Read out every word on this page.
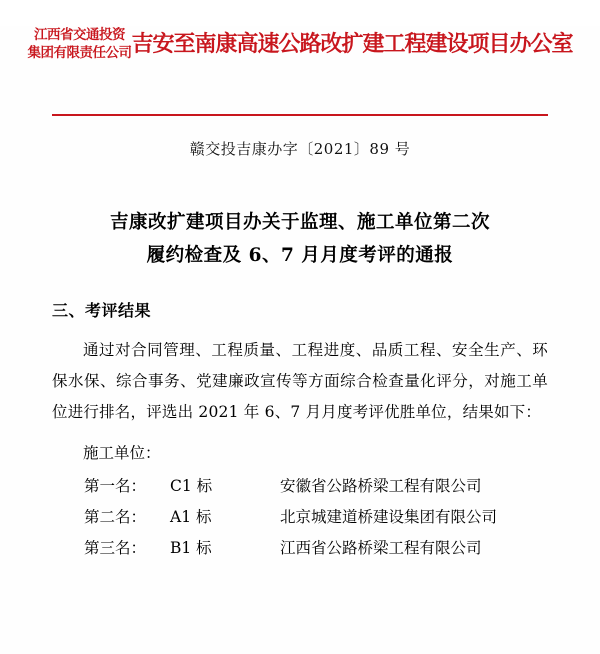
江西省交通投资
集团有限责任公司 吉安至南康高速公路改扩建工程建设项目办公室
赣交投吉康办字〔2021〕89 号
吉康改扩建项目办关于监理、施工单位第二次
履约检查及 6、7 月月度考评的通报
三、考评结果
通过对合同管理、工程质量、工程进度、品质工程、安全生产、环保水保、综合事务、党建廉政宣传等方面综合检查量化评分，对施工单位进行排名，评选出 2021 年 6、7 月月度考评优胜单位，结果如下：
施工单位：
第一名：	C1 标	安徽省公路桥梁工程有限公司
第二名：	A1 标	北京城建道桥建设集团有限公司
第三名：	B1 标	江西省公路桥梁工程有限公司
